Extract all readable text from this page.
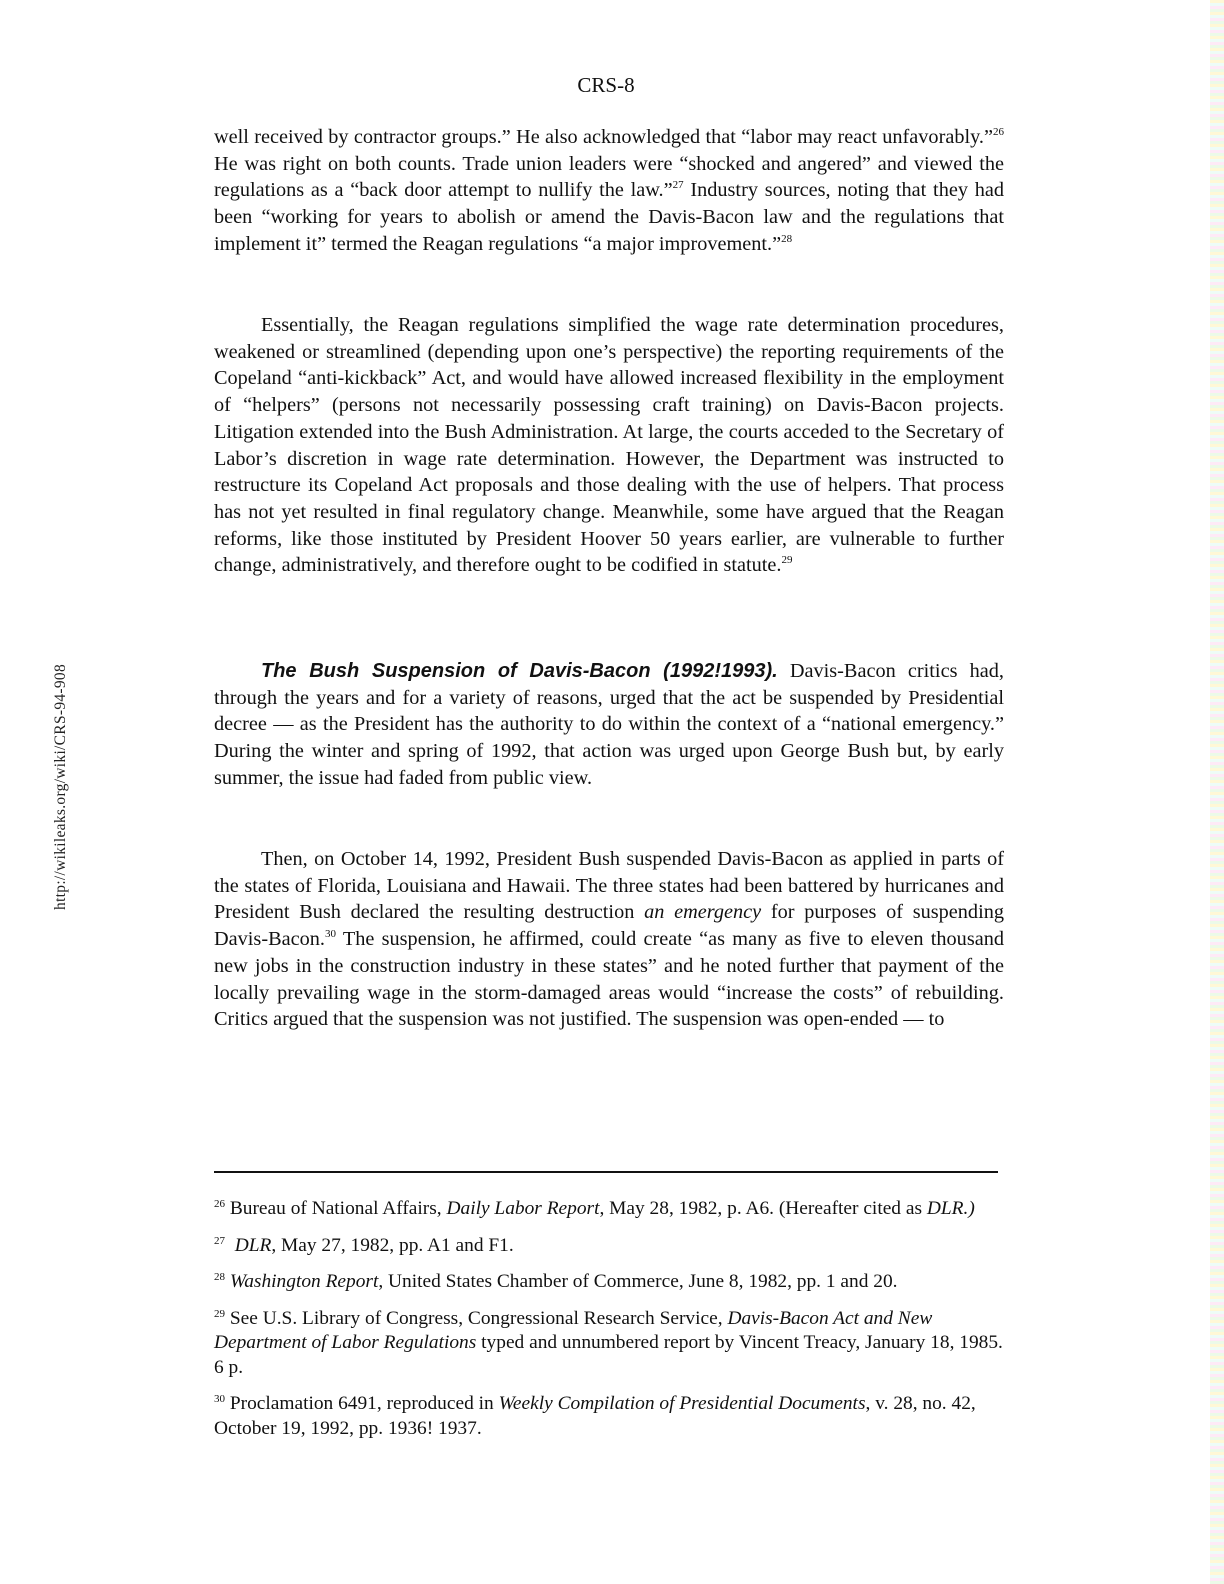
http://wikileaks.org/wiki/CRS-94-908
CRS-8

well received by contractor groups.” He also acknowledged that “labor may react unfavorably.”$^{26}$ He was right on both counts. Trade union leaders were “shocked and angered” and viewed the regulations as a “back door attempt to nullify the law.”$^{27}$ Industry sources, noting that they had been “working for years to abolish or amend the Davis-Bacon law and the regulations that implement it” termed the Reagan regulations “a major improvement.”$^{28}$

Essentially, the Reagan regulations simplified the wage rate determination procedures, weakened or streamlined (depending upon one’s perspective) the reporting requirements of the Copeland “anti-kickback” Act, and would have allowed increased flexibility in the employment of “helpers” (persons not necessarily possessing craft training) on Davis-Bacon projects. Litigation extended into the Bush Administration. At large, the courts acceded to the Secretary of Labor’s discretion in wage rate determination. However, the Department was instructed to restructure its Copeland Act proposals and those dealing with the use of helpers. That process has not yet resulted in final regulatory change. Meanwhile, some have argued that the Reagan reforms, like those instituted by President Hoover 50 years earlier, are vulnerable to further change, administratively, and therefore ought to be codified in statute.$^{29}$

The Bush Suspension of Davis-Bacon (1992!1993). Davis-Bacon critics had, through the years and for a variety of reasons, urged that the act be suspended by Presidential decree — as the President has the authority to do within the context of a “national emergency.” During the winter and spring of 1992, that action was urged upon George Bush but, by early summer, the issue had faded from public view.

Then, on October 14, 1992, President Bush suspended Davis-Bacon as applied in parts of the states of Florida, Louisiana and Hawaii. The three states had been battered by hurricanes and President Bush declared the resulting destruction an emergency for purposes of suspending Davis-Bacon.$^{30}$ The suspension, he affirmed, could create “as many as five to eleven thousand new jobs in the construction industry in these states” and he noted further that payment of the locally prevailing wage in the storm-damaged areas would “increase the costs” of rebuilding. Critics argued that the suspension was not justified. The suspension was open-ended — to

$^{26}$ Bureau of National Affairs, Daily Labor Report, May 28, 1982, p. A6. (Hereafter cited as DLR.)

$^{27}$ DLR, May 27, 1982, pp. A1 and F1.

$^{28}$ Washington Report, United States Chamber of Commerce, June 8, 1982, pp. 1 and 20.

$^{29}$ See U.S. Library of Congress, Congressional Research Service, Davis-Bacon Act and New Department of Labor Regulations typed and unnumbered report by Vincent Treacy, January 18, 1985. 6 p.

$^{30}$ Proclamation 6491, reproduced in Weekly Compilation of Presidential Documents, v. 28, no. 42, October 19, 1992, pp. 1936! 1937.
